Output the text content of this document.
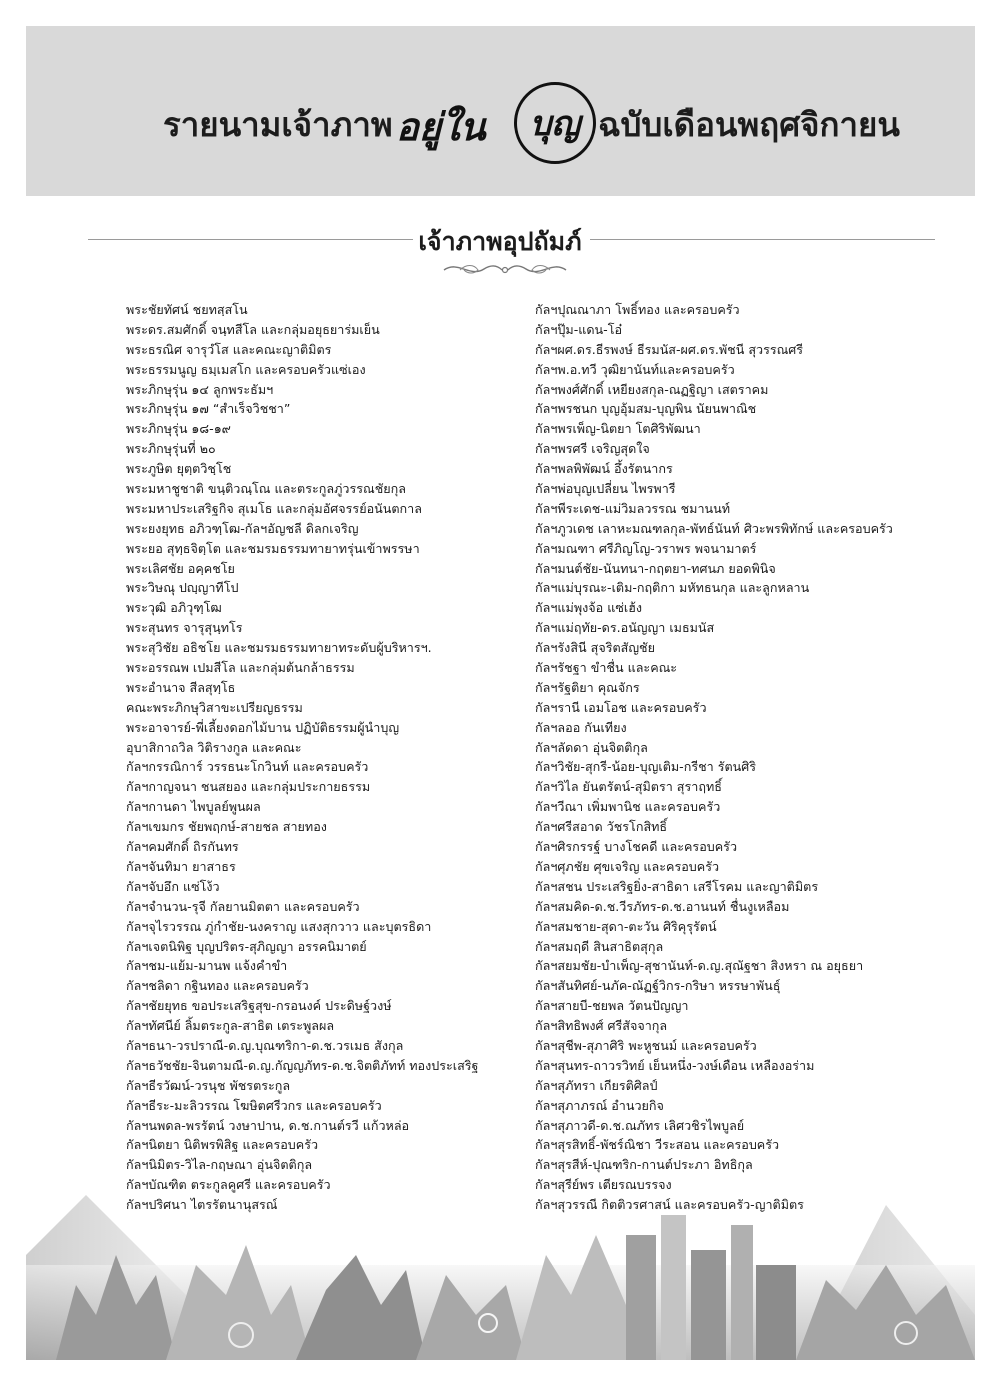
รายนามเจ้าภาพ อยู่ใน บุญ ฉบับเดือนพฤศจิกายน
เจ้าภาพอุปถัมภ์
พระชัยทัศน์ ชยทสฺสโน
พระดร.สมศักดิ์ จนฺทสีโล และกลุ่มอยุธยาร่มเย็น
พระธรณิศ จารุวํโส และคณะญาติมิตร
พระธรรมนูญ ธมฺเมสโก และครอบครัวแซ่เอง
พระภิกษุรุ่น ๑๔ ลูกพระธัมฯ
พระภิกษุรุ่น ๑๗ “สำเร็จวิชชา”
พระภิกษุรุ่น ๑๘-๑๙
พระภิกษุรุ่นที่ ๒๐
พระภูษิต ยุตฺตวิชฺโช
พระมหาชูชาติ ขนฺติวณฺโณ และตระกูลภู่วรรณชัยกุล
พระมหาประเสริฐกิจ สุเมโธ และกลุ่มอัศจรรย์อนันตกาล
พระยงยุทธ อภิวฑฺโฒ-กัลฯอัญชลี ดิลกเจริญ
พระยอ สุทฺธจิตฺโต และชมรมธรรมทายาทรุ่นเข้าพรรษา
พระเลิศชัย อคฺคชโย
พระวิษณุ ปญฺญาทีโป
พระวุฒิ อภิวุฑฺโฒ
พระสุนทร จารุสุนฺทโร
พระสุวิชัย อธิชโย และชมรมธรรมทายาทระดับผู้บริหารฯ.
พระอรรณพ เปมสีโล และกลุ่มต้นกล้าธรรม
พระอำนาจ สีลสุทฺโธ
คณะพระภิกษุวิสาขะเปรียญธรรม
พระอาจารย์-พี่เลี้ยงดอกไม้บาน ปฏิบัติธรรมผู้นำบุญ
อุบาสิกาถวิล วิติรางกูล และคณะ
กัลฯกรรณิการ์ วรรธนะโกวินท์ และครอบครัว
กัลฯกาญจนา ชนสยอง และกลุ่มประกายธรรม
กัลฯกานดา ไพบูลย์พูนผล
กัลฯเขมกร ชัยพฤกษ์-สายชล สายทอง
กัลฯคมศักดิ์ ถิรกันทร
กัลฯจันทิมา ยาสาธร
กัลฯจับอึก แซ่โง้ว
กัลฯจำนวน-รุจี กัลยานมิตตา และครอบครัว
กัลฯจุไรวรรณ ภู่กำชัย-นงคราญ แสงสุกวาว และบุตรธิดา
กัลฯเจตนิพิฐ บุญปริตร-สุภิญญา อรรคนิมาตย์
กัลฯชม-แย้ม-มานพ แจ้งคำขำ
กัลฯชลิดา กฐินทอง และครอบครัว
กัลฯชัยยุทธ ขอประเสริฐสุข-กรอนงค์ ประดิษฐ์วงษ์
กัลฯทัศนีย์ ลิ้มตระกูล-สาธิต เตระพูลผล
กัลฯธนา-วรปราณี-ด.ญ.บุณฑริกา-ด.ช.วรเมธ สังกุล
กัลฯธวัชชัย-จินตามณี-ด.ญ.กัญญภัทร-ด.ช.จิตติภัทท์ ทองประเสริฐ
กัลฯธีรวัฒน์-วรนุช พัชรตระกูล
กัลฯธีระ-มะลิวรรณ โฆษิตศรีวกร และครอบครัว
กัลฯนพดล-พรรัตน์ วงษาปาน, ด.ช.กานต์รวี แก้วหล่อ
กัลฯนิตยา นิติพรพิสิฐ และครอบครัว
กัลฯนิมิตร-วิไล-กฤษณา อุ่นจิตติกุล
กัลฯบัณฑิต ตระกูลคูศรี และครอบครัว
กัลฯปริศนา ไตรรัตนานุสรณ์
กัลฯปุณณาภา โพธิ์ทอง และครอบครัว
กัลฯปุ๊ม-แดน-โอ๋
กัลฯผศ.ดร.ธีรพงษ์ ธีรมนัส-ผศ.ดร.พัชนี สุวรรณศรี
กัลฯพ.อ.ทวี วุฒิยานันท์และครอบครัว
กัลฯพงศ์ศักดิ์ เหยียงสกุล-ณฏฐิญา เสตราคม
กัลฯพรชนก บุญอุ้มสม-บุญพิน นัยนพาณิช
กัลฯพรเพ็ญ-นิตยา โตศิริพัฒนา
กัลฯพรศรี เจริญสุดใจ
กัลฯพลพิพัฒน์ อึ้งรัตนากร
กัลฯพ่อบุญเปลี่ยน ไพรพารี
กัลฯพีระเดช-แม่วิมลวรรณ ชมานนท์
กัลฯภูวเดช เลาหะมณฑลกุล-พัทธ์นันท์ ศิวะพรพิทักษ์ และครอบครัว
กัลฯมณฑา ศรีภิญโญ-วราพร พจนามาตร์
กัลฯมนต์ชัย-นันทนา-กฤตยา-ทศนภ ยอดพินิจ
กัลฯแม่บุรณะ-เติม-กฤติกา มหัทธนกุล และลูกหลาน
กัลฯแม่พุงจ้อ แซ่เฮ้ง
กัลฯแม่ฤทัย-ดร.อนัญญา เมธมนัส
กัลฯรังสินี สุจริตสัญชัย
กัลฯรัชฐา ขำชื่น และคณะ
กัลฯรัฐติยา คุณจักร
กัลฯรานี เอมโอช และครอบครัว
กัลฯลออ กันเทียง
กัลฯลัดดา อุ่นจิตติกุล
กัลฯวิชัย-สุกรี-น้อย-บุญเติม-กรีชา รัตนศิริ
กัลฯวิไล ยันตรัตน์-สุมิตรา สุราฤทธิ์
กัลฯวีณา เพิ่มพานิช และครอบครัว
กัลฯศรีสอาด วัชรโกสิทธิ์
กัลฯศิรกรรฐ์ บางโชคดี และครอบครัว
กัลฯศุภชัย ศุขเจริญ และครอบครัว
กัลฯสชน ประเสริฐยิ่ง-สาธิดา เสรีโรคม และญาติมิตร
กัลฯสมคิด-ด.ช.วีรภัทร-ด.ช.อานนท์ ชื่นงูเหลือม
กัลฯสมชาย-สุดา-ตะวัน ศิริคุรุรัตน์
กัลฯสมฤดี สินสาธิตสุกุล
กัลฯสยมชัย-บำเพ็ญ-สุชานันท์-ด.ญ.สุณัฐชา สิงหรา ณ อยุธยา
กัลฯสันทิศย์-นภัค-ณัฏฐ์วิกร-กริษา หรรษาพันธุ์
กัลฯสายบี-ชยพล วัตนปัญญา
กัลฯสิทธิพงศ์ ศรีสัจจากุล
กัลฯสุชีพ-สุภาศิริ พะหูชนม์ และครอบครัว
กัลฯสุนทร-ถาวรวิทย์ เย็นหนึ่ง-วงษ์เดือน เหลืองอร่าม
กัลฯสุภัทรา เกียรติศิลป์
กัลฯสุภาภรณ์ อำนวยกิจ
กัลฯสุภาวดี-ด.ช.ณภัทร เลิศวชิรไพบูลย์
กัลฯสุรสิทธิ์-พัชร์ณิชา วีระสอน และครอบครัว
กัลฯสุรสีห์-ปุณฑริก-กานต์ประภา อิทธิกุล
กัลฯสุรีย์พร เตียรณบรรจง
กัลฯสุวรรณี กิตติวรศาสน์ และครอบครัว-ญาติมิตร
